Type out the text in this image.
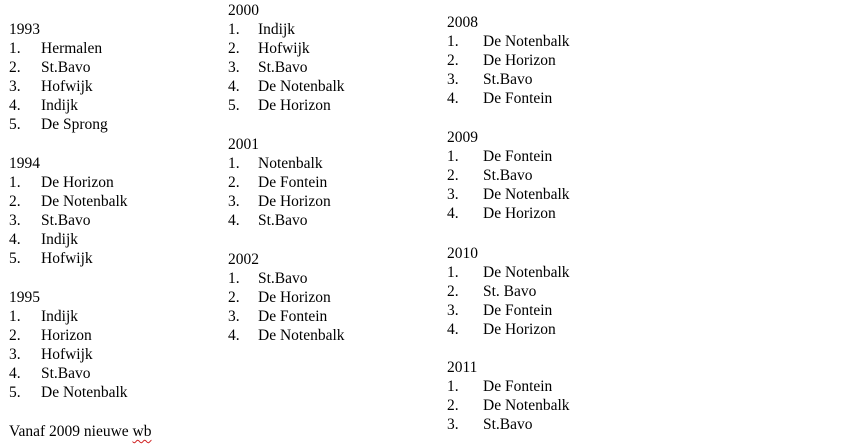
1993
1. Hermalen
2. St.Bavo
3. Hofwijk
4. Indijk
5. De Sprong
1994
1. De Horizon
2. De Notenbalk
3. St.Bavo
4. Indijk
5. Hofwijk
1995
1. Indijk
2. Horizon
3. Hofwijk
4. St.Bavo
5. De Notenbalk
2000
1. Indijk
2. Hofwijk
3. St.Bavo
4. De Notenbalk
5. De Horizon
2001
1. Notenbalk
2. De Fontein
3. De Horizon
4. St.Bavo
2002
1. St.Bavo
2. De Horizon
3. De Fontein
4. De Notenbalk
2008
1. De Notenbalk
2. De Horizon
3. St.Bavo
4. De Fontein
2009
1. De Fontein
2. St.Bavo
3. De Notenbalk
4. De Horizon
2010
1. De Notenbalk
2. St. Bavo
3. De Fontein
4. De Horizon
2011
1. De Fontein
2. De Notenbalk
3. St.Bavo
Vanaf 2009 nieuwe wb
